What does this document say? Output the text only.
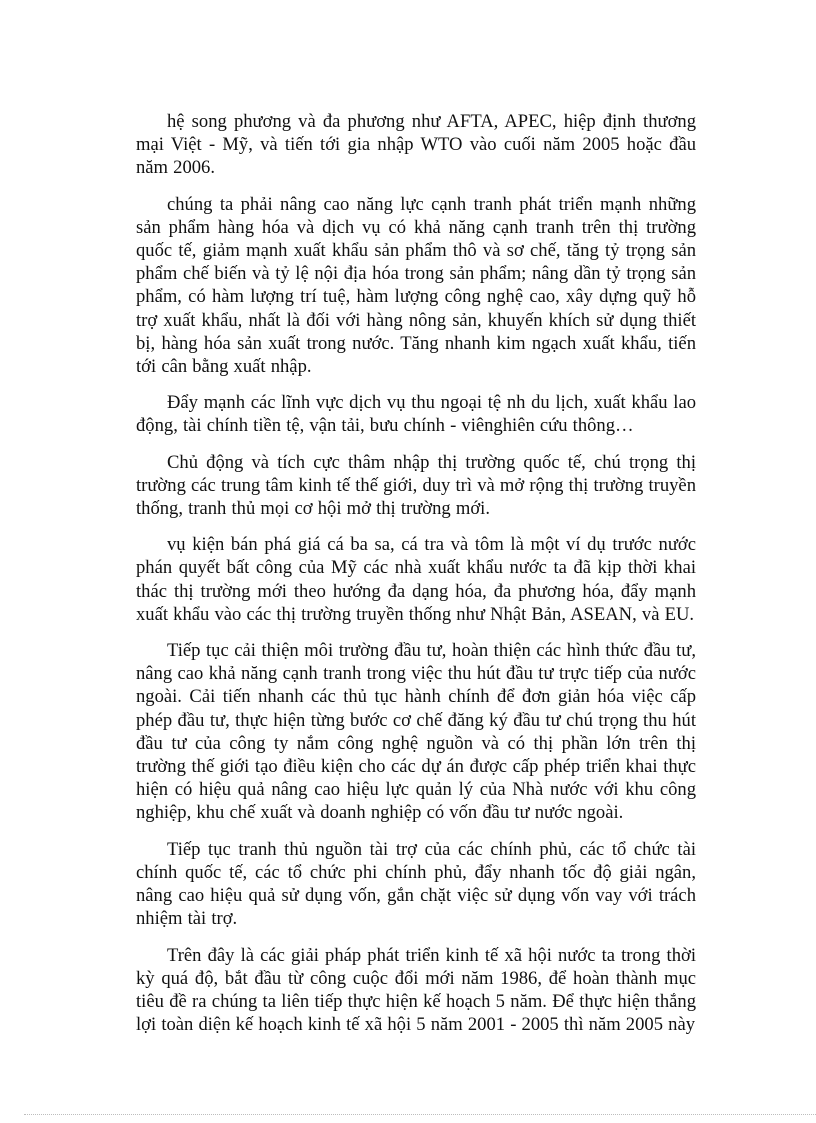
hệ song phương và đa phương như AFTA, APEC, hiệp định thương mại Việt - Mỹ, và tiến tới gia nhập WTO vào cuối năm 2005 hoặc đầu năm 2006.

chúng ta phải nâng cao năng lực cạnh tranh phát triển mạnh những sản phẩm hàng hóa và dịch vụ có khả năng cạnh tranh trên thị trường quốc tế, giảm mạnh xuất khẩu sản phẩm thô và sơ chế, tăng tỷ trọng sản phẩm chế biến và tỷ lệ nội địa hóa trong sản phẩm; nâng dần tỷ trọng sản phẩm, có hàm lượng trí tuệ, hàm lượng công nghệ cao, xây dựng quỹ hỗ trợ xuất khẩu, nhất là đối với hàng nông sản, khuyến khích sử dụng thiết bị, hàng hóa sản xuất trong nước. Tăng nhanh kim ngạch xuất khẩu, tiến tới cân bằng xuất nhập.

Đẩy mạnh các lĩnh vực dịch vụ thu ngoại tệ nh du lịch, xuất khẩu lao động, tài chính tiền tệ, vận tải, bưu chính - viênghiên cứu thông…

Chủ động và tích cực thâm nhập thị trường quốc tế, chú trọng thị trường các trung tâm kinh tế thế giới, duy trì và mở rộng thị trường truyền thống, tranh thủ mọi cơ hội mở thị trường mới.

vụ kiện bán phá giá cá ba sa, cá tra và tôm là một ví dụ trước nước phán quyết bất công của Mỹ các nhà xuất khẩu nước ta đã kịp thời khai thác thị trường mới theo hướng đa dạng hóa, đa phương hóa, đẩy mạnh xuất khẩu vào các thị trường truyền thống như Nhật Bản, ASEAN, và EU.

Tiếp tục cải thiện môi trường đầu tư, hoàn thiện các hình thức đầu tư, nâng cao khả năng cạnh tranh trong việc thu hút đầu tư trực tiếp của nước ngoài. Cải tiến nhanh các thủ tục hành chính để đơn giản hóa việc cấp phép đầu tư, thực hiện từng bước cơ chế đăng ký đầu tư chú trọng thu hút đầu tư của công ty nắm công nghệ nguồn và có thị phần lớn trên thị trường thế giới tạo điều kiện cho các dự án được cấp phép triển khai thực hiện có hiệu quả nâng cao hiệu lực quản lý của Nhà nước với khu công nghiệp, khu chế xuất và doanh nghiệp có vốn đầu tư nước ngoài.

Tiếp tục tranh thủ nguồn tài trợ của các chính phủ, các tổ chức tài chính quốc tế, các tổ chức phi chính phủ, đẩy nhanh tốc độ giải ngân, nâng cao hiệu quả sử dụng vốn, gắn chặt việc sử dụng vốn vay với trách nhiệm tài trợ.

Trên đây là các giải pháp phát triển kinh tế xã hội nước ta trong thời kỳ quá độ, bắt đầu từ công cuộc đổi mới năm 1986, để hoàn thành mục tiêu đề ra chúng ta liên tiếp thực hiện kế hoạch 5 năm. Để thực hiện thắng lợi toàn diện kế hoạch kinh tế xã hội 5 năm 2001 - 2005 thì năm 2005 này
